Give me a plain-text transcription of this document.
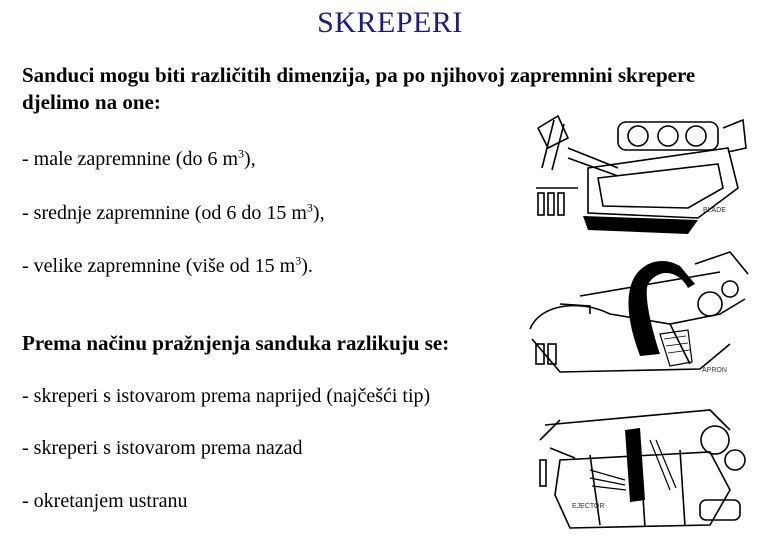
SKREPERI
Sanduci mogu biti različitih dimenzija, pa po njihovoj zapremnini skrepere djelimo na one:
- male zapremnine (do 6 $m^3$),
- srednje zapremnine (od 6 do 15 $m^3$),
- velike zapremnine (više od 15 $m^3$).
Prema načinu pražnjenja sanduka razlikuju se:
- skreperi s istovarom prema naprijed (najčešći tip)
- skreperi s istovarom prema nazad
- okretanjem ustranu
BLADE
APRON
EJECTOR
